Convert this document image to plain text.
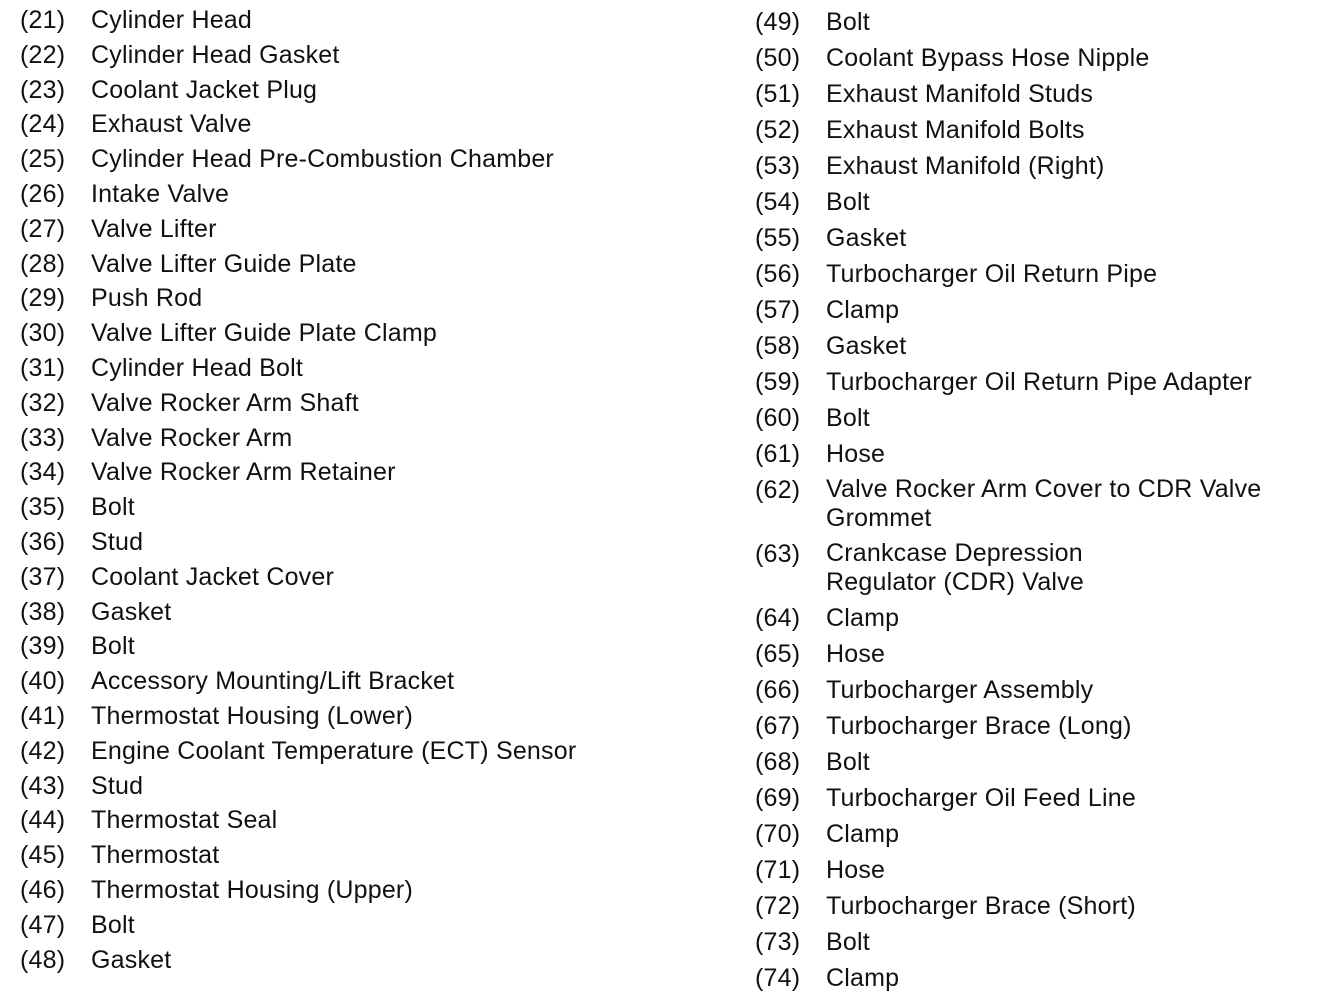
(21)	Cylinder Head
(22)	Cylinder Head Gasket
(23)	Coolant Jacket Plug
(24)	Exhaust Valve
(25)	Cylinder Head Pre-Combustion Chamber
(26)	Intake Valve
(27)	Valve Lifter
(28)	Valve Lifter Guide Plate
(29)	Push Rod
(30)	Valve Lifter Guide Plate Clamp
(31)	Cylinder Head Bolt
(32)	Valve Rocker Arm Shaft
(33)	Valve Rocker Arm
(34)	Valve Rocker Arm Retainer
(35)	Bolt
(36)	Stud
(37)	Coolant Jacket Cover
(38)	Gasket
(39)	Bolt
(40)	Accessory Mounting/Lift Bracket
(41)	Thermostat Housing (Lower)
(42)	Engine Coolant Temperature (ECT) Sensor
(43)	Stud
(44)	Thermostat Seal
(45)	Thermostat
(46)	Thermostat Housing (Upper)
(47)	Bolt
(48)	Gasket
(49)	Bolt
(50)	Coolant Bypass Hose Nipple
(51)	Exhaust Manifold Studs
(52)	Exhaust Manifold Bolts
(53)	Exhaust Manifold (Right)
(54)	Bolt
(55)	Gasket
(56)	Turbocharger Oil Return Pipe
(57)	Clamp
(58)	Gasket
(59)	Turbocharger Oil Return Pipe Adapter
(60)	Bolt
(61)	Hose
(62)	Valve Rocker Arm Cover to CDR Valve
Grommet
(63)	Crankcase Depression
Regulator (CDR) Valve
(64)	Clamp
(65)	Hose
(66)	Turbocharger Assembly
(67)	Turbocharger Brace (Long)
(68)	Bolt
(69)	Turbocharger Oil Feed Line
(70)	Clamp
(71)	Hose
(72)	Turbocharger Brace (Short)
(73)	Bolt
(74)	Clamp
